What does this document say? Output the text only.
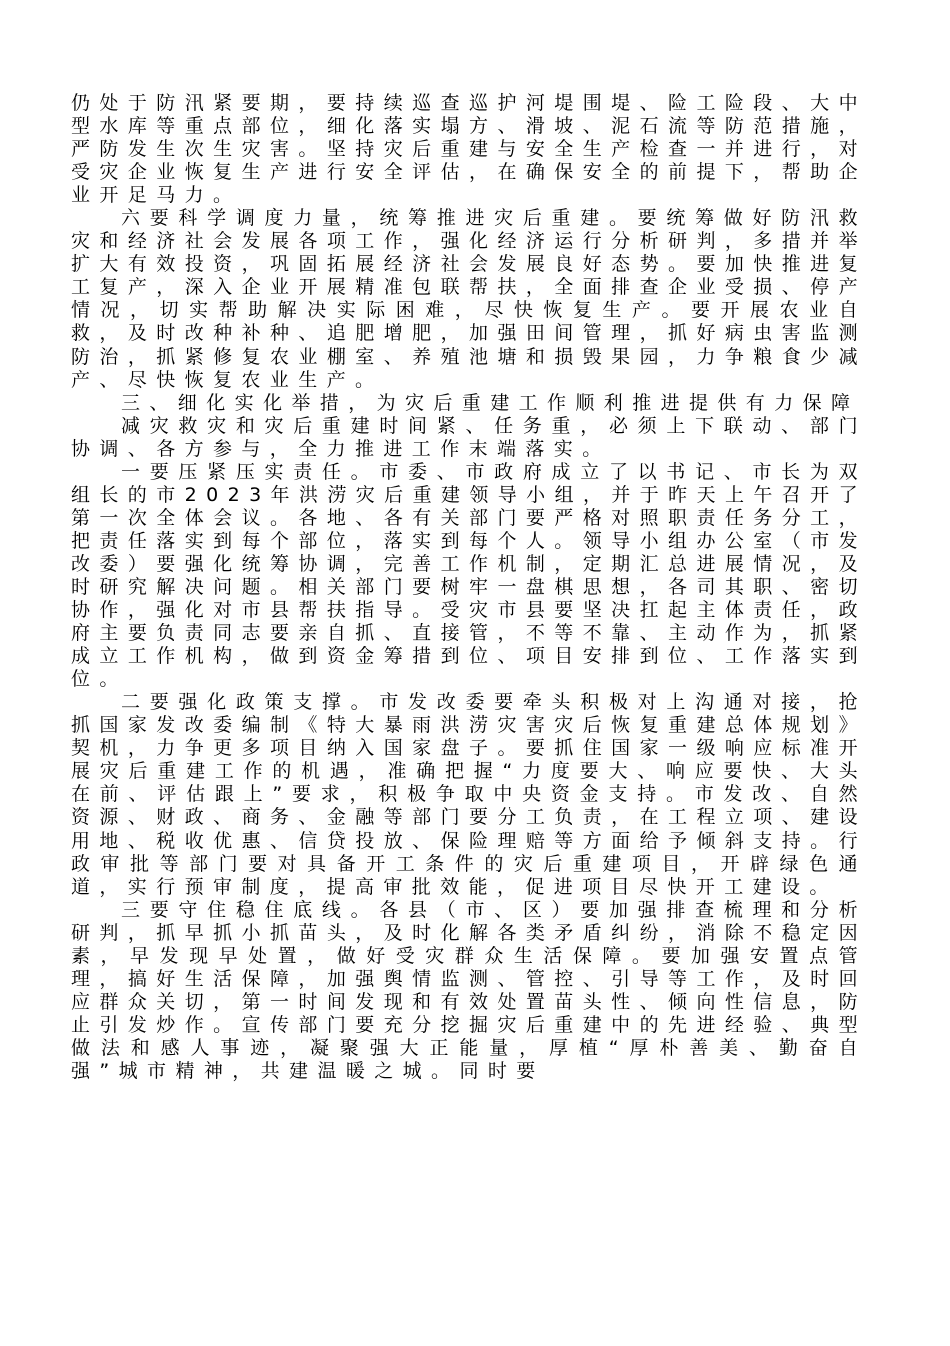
仍处于防汛紧要期，要持续巡查巡护河堤围堤、险工险段、大中型水库等重点部位，细化落实塌方、滑坡、泥石流等防范措施，严防发生次生灾害。坚持灾后重建与安全生产检查一并进行，对受灾企业恢复生产进行安全评估，在确保安全的前提下，帮助企业开足马力。

六要科学调度力量，统筹推进灾后重建。要统筹做好防汛救灾和经济社会发展各项工作，强化经济运行分析研判，多措并举扩大有效投资，巩固拓展经济社会发展良好态势。要加快推进复工复产，深入企业开展精准包联帮扶，全面排查企业受损、停产情况，切实帮助解决实际困难，尽快恢复生产。要开展农业自救，及时改种补种、追肥增肥，加强田间管理，抓好病虫害监测防治，抓紧修复农业棚室、养殖池塘和损毁果园，力争粮食少减产、尽快恢复农业生产。

三、细化实化举措，为灾后重建工作顺利推进提供有力保障

减灾救灾和灾后重建时间紧、任务重，必须上下联动、部门协调、各方参与，全力推进工作末端落实。

一要压紧压实责任。市委、市政府成立了以书记、市长为双组长的市2023年洪涝灾后重建领导小组，并于昨天上午召开了第一次全体会议。各地、各有关部门要严格对照职责任务分工，把责任落实到每个部位，落实到每个人。领导小组办公室（市发改委）要强化统筹协调，完善工作机制，定期汇总进展情况，及时研究解决问题。相关部门要树牢一盘棋思想，各司其职、密切协作，强化对市县帮扶指导。受灾市县要坚决扛起主体责任，政府主要负责同志要亲自抓、直接管，不等不靠、主动作为，抓紧成立工作机构，做到资金筹措到位、项目安排到位、工作落实到位。

二要强化政策支撑。市发改委要牵头积极对上沟通对接，抢抓国家发改委编制《特大暴雨洪涝灾害灾后恢复重建总体规划》契机，力争更多项目纳入国家盘子。要抓住国家一级响应标准开展灾后重建工作的机遇，准确把握“力度要大、响应要快、大头在前、评估跟上”要求，积极争取中央资金支持。市发改、自然资源、财政、商务、金融等部门要分工负责，在工程立项、建设用地、税收优惠、信贷投放、保险理赔等方面给予倾斜支持。行政审批等部门要对具备开工条件的灾后重建项目，开辟绿色通道，实行预审制度，提高审批效能，促进项目尽快开工建设。

三要守住稳住底线。各县（市、区）要加强排查梳理和分析研判，抓早抓小抓苗头，及时化解各类矛盾纠纷，消除不稳定因素，早发现早处置，做好受灾群众生活保障。要加强安置点管理，搞好生活保障，加强舆情监测、管控、引导等工作，及时回应群众关切，第一时间发现和有效处置苗头性、倾向性信息，防止引发炒作。宣传部门要充分挖掘灾后重建中的先进经验、典型做法和感人事迹，凝聚强大正能量，厚植“厚朴善美、勤奋自强”城市精神，共建温暖之城。同时要
